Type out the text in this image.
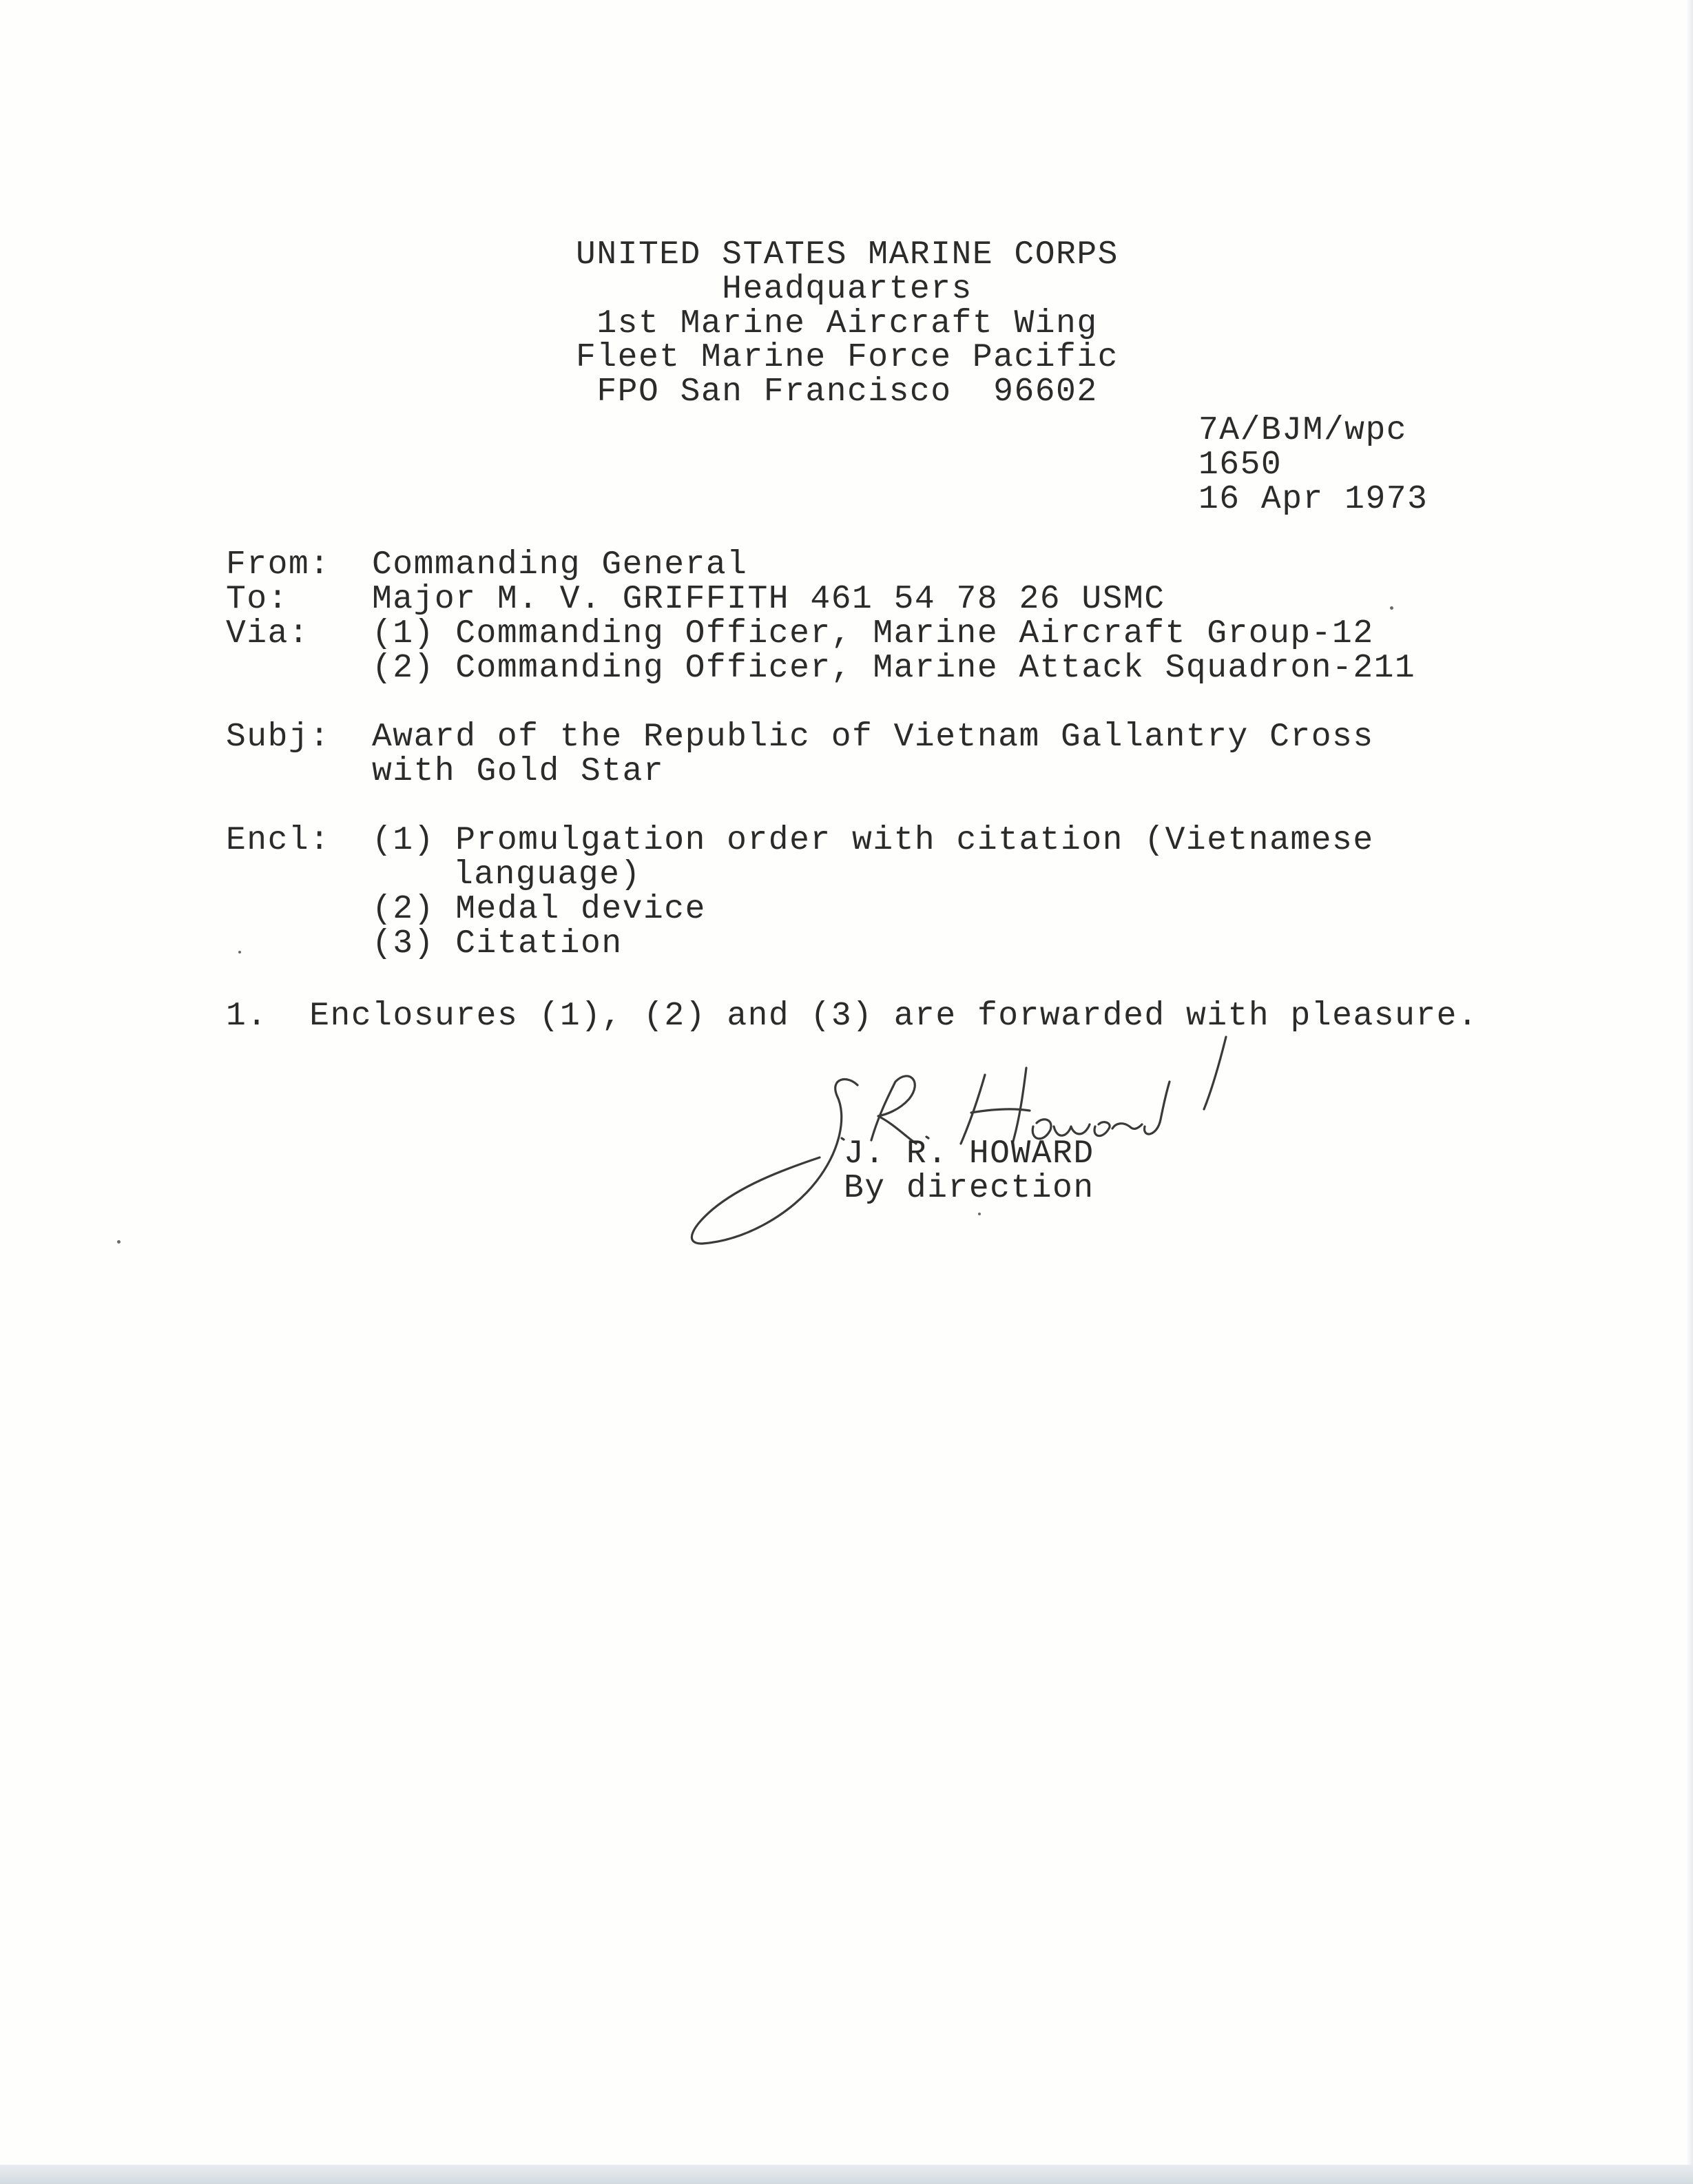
UNITED STATES MARINE CORPS
Headquarters
1st Marine Aircraft Wing
Fleet Marine Force Pacific
FPO San Francisco  96602
7A/BJM/wpc
1650
16 Apr 1973
From: Commanding General
To:	Major M. V. GRIFFITH 461 54 78 26 USMC
Via: (1) Commanding Officer, Marine Aircraft Group-12
(2) Commanding Officer, Marine Attack Squadron-211
Subj: Award of the Republic of Vietnam Gallantry Cross
with Gold Star
Encl: (1) Promulgation order with citation (Vietnamese
language)
(2) Medal device
(3) Citation
1.  Enclosures (1), (2) and (3) are forwarded with pleasure.
J. R. HOWARD
By direction
